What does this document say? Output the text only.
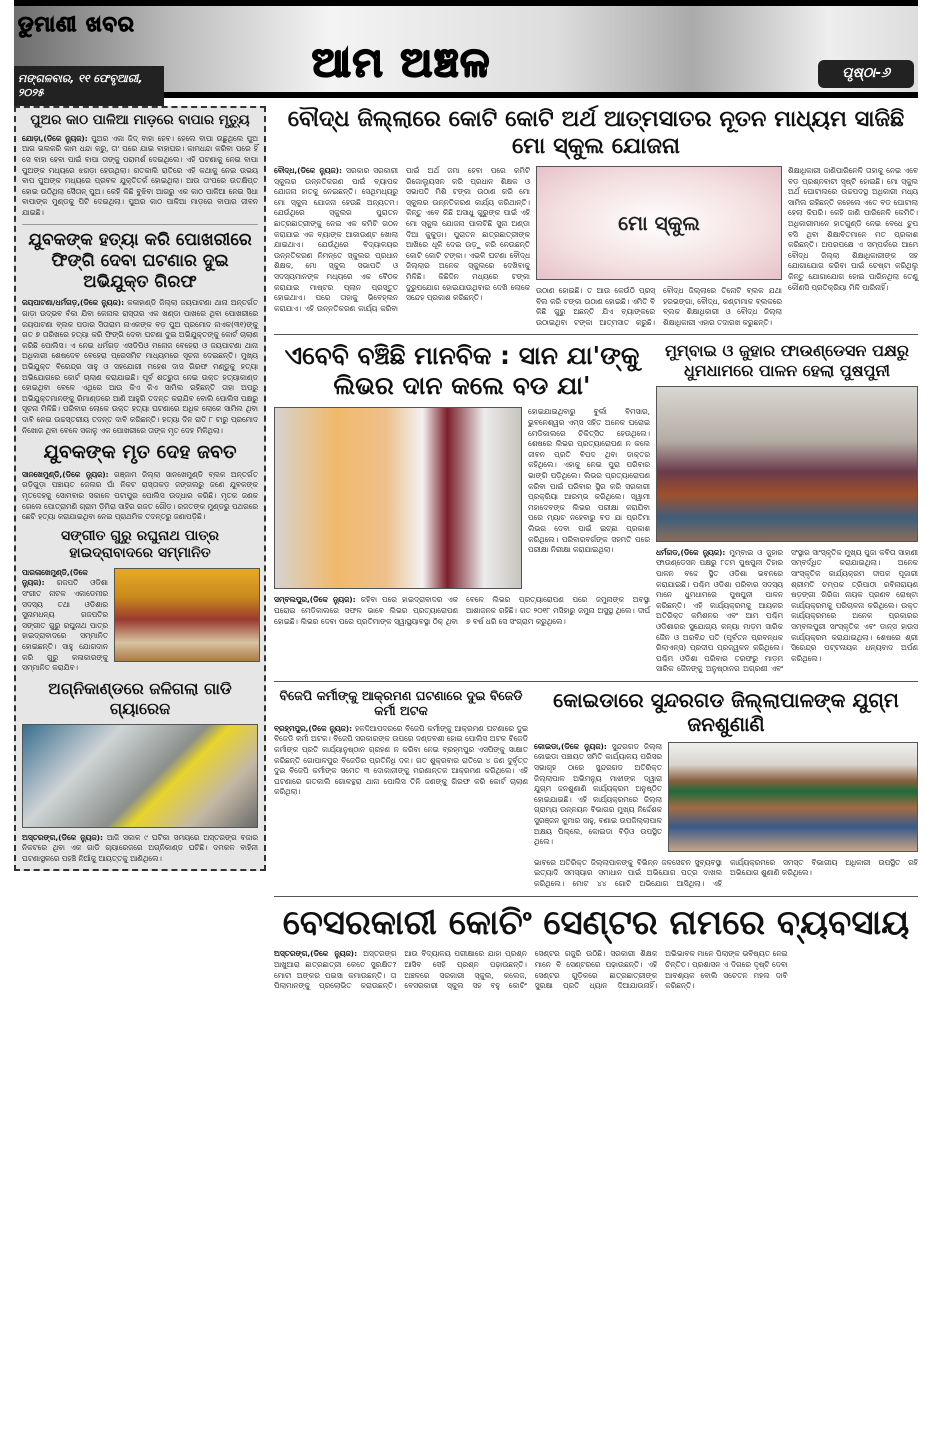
ଡୁମାଣୀ ଖବର
ମଙ୍ଗଳବାର, ୧୧ ଫେବୃଆରୀ, ୨୦୨୫
ଆମ ଅଞ୍ଚଳ	ପୃଷ୍ଠା-୬
ପୁଅର କାଠ ପାଳିଆ ମାଡ଼ରେ ବାପାର ମୃତ୍ୟୁ
ଯୋଡ଼ା,(ଡିକେ ନ୍ୟୁଜ): ପୁଅର ଏକା ଜିଦ୍ ବାହା ହେବ। ହେଲେ ବାପା ଉଛୁଥିଲେ ପୁଅ ଆଗ ଭଲକରି କାମ ଧନ୍ଦା କରୁ, ତା' ପରେ ଯାଇ ବାହାଘର। କାମଧନ୍ଦା କରିବା ପରେ ହିଁ ସେ ବାହା ହେବା ପାଇଁ ବାପା ତାଙ୍କୁ ପରାମର୍ଶ ଦେଇଥିଲେ। ଏହି ଘଟଣାକୁ ନେଇ ବାପା ପୁଅଙ୍କ ମଧ୍ୟରେ ଝଗଡ଼ା ହେଉଥିଲା। ଗତକାଲି ରାତିରେ ଏହି କଥାକୁ ନେଇ ଉଭୟ ବାପ ପୁଅଙ୍କ ମଧ୍ୟରେ ପ୍ରବଳ ଯୁକ୍ତିତର୍କ ହୋଇଥିଲା। ଆଉ ତା'ପରେ ଉତକ୍ଷିପ୍ତ ହୋଇ ଉଠିଥିଲା ସୈତାନ୍ ପୁଅ। କେହି କିଛି ବୁଝିବା ଆଗରୁ ଏକ କାଠ ପାଳିଆ ନେଇ ସିଧା ବାପାଙ୍କ ମୁଣ୍ଡକୁ ପିଟି ଦେଇଥିଲା। ପୁଅର କାଠ ପାଳିଆ ମାଡ଼ରେ ବାପାର ଜୀବନ ଯାଇଛି।
ଯୁବକଙ୍କ ହତ୍ୟା କରି ପୋଖରୀରେ ଫିଙ୍ଗି ଦେବା ଘଟଣାର ଦୁଇ ଅଭିଯୁକ୍ତ ଗିରଫ
ଜୟପାଟଣା/ଧର୍ମଗଡ଼,(ଡିକେ ନ୍ୟୁଜ): କଳାହାଣ୍ଡି ଜିଲ୍ଲା ଜୟପାଟଣା ଥାନା ଅନ୍ତର୍ଗତ ଗାଡ଼ା ଉଦ୍ଭବ ବଁକା ଯିବା କେନାଲ ରାସ୍ତାର ଏକ ଖଣ୍ଡା ପାଖରେ ଥିବା ପୋଖରୀରେ ଜୟପାଟଣା ବ୍ଲକ ପଡାର ସିତାରାମ ନାଏକଙ୍କ ବଡ଼ ପୁଅ ପ୍ରମୋଦ ନାଏକ(୩୧)ଙ୍କୁ ଗତ ୭ ତାରିଖରେ ହତ୍ୟା କରି ଫିଙ୍ଗି ଦେବା ଘଟଣା ଦୁଇ ଅଭିଯୁକ୍ତଙ୍କୁ କୋର୍ଟ ଚାଲାଣ କରିଛି ପୋଲିସ। ଏ ନେଇ ଧର୍ମଗଡ଼ ଏସଡିପିଓ ମନୋଜ ବେହେରା ଓ ଜୟପାଟଣା ଥାନା ଅଧିକାରୀ ଶେଷଦେବ ବେହେରା ପ୍ରେସମିଟ ମାଧ୍ୟମରେ ସୂଚନା ଦେଇଛନ୍ତି। ମୁଖ୍ୟ ଅଭିଯୁକ୍ତ ବିରେନ୍ଦ୍ର ସାହୁ ଓ ସହଯୋଗୀ ମହେଶ ଦାସ ଗିରଫ ମଣ୍ଡୁକୁ ହତ୍ୟା ଅଭିଯୋଗରେ କୋର୍ଟ ଚାଲାଣ କରାଯାଇଛି। ପୂର୍ବ ଶତ୍ରୁତା ନେଇ ଉକ୍ତ ହତ୍ୟାକାଣ୍ଡ ହୋଇଥିବା ବେଳେ ଏଥିରେ ଆଉ କିଏ କିଏ ସାମିଲ ରହିଛନ୍ତି ତାହା ଅପରୁ ଅଭିଯୁକ୍ତମାନଙ୍କୁ ରିମାଣ୍ଡରେ ଆଣି ଆହୁରି ତଦନ୍ତ କରାଯିବ ବୋଲି ପୋଲିସ ପକ୍ଷରୁ ସୂଚନା ମିଳିଛି। ପରିବାର ଲୋକେ ଉକ୍ତ ହତ୍ୟା ଘଟଣାରେ ଅଧିକ ଲୋକେ ସାମିଲ ଥିବା ଦାବି ନେଇ ଉଚ୍ଚସ୍ତରୀୟ ତଦନ୍ତ ଦାବି କରିଛନ୍ତି। ହତ୍ୟା ଦିନ ରାତି ୮ ଟାରୁ ପ୍ରମୋଦ ନିଖୋଜ ଥିବା ବେଳେ ସକାଳୁ ଏକ ପୋଖରୀରେ ତାଙ୍କ ମୃତ ଦେହ ମିଳିଥିଲା।
ଯୁବକଙ୍କ ମୃତ ଦେହ ଜବତ
ସାନଖେମୁଣ୍ଡି,(ଡିକେ ନ୍ୟୁଜ): ଗଞ୍ଜାମ ଜିଲ୍ଲା ସାନଖେମୁଣ୍ଡି ବ୍ଲକ ଅନ୍ତର୍ଗତ ଗଡ଼ିଗୁଡ଼ା ପଞ୍ଚାୟତ ଜେଲର ଘାଁ ନିକଟ ରାସ୍ତାକଡ଼ ଜଙ୍ଗଲରୁ ଜଣେ ଯୁବକଙ୍କ ମୃତଦେହକୁ ସୋମବାର ସକାଳେ ପଟାପୁର ପୋଲିସ ଉଦ୍ଧାର କରିଛି। ମୃତକ ଜଣକ ଗେଲେ ପୋତ୍ରାମଣି ଗ୍ରାମ ଡ଼ିମିରା ସାହିର ରଜତ ଗୌଡ଼। ରଜତଙ୍କ ମୁଣ୍ଡରୁ ପଥରରେ ଛେଚି ହତ୍ୟା କରାଯାଇଥିବା ନେଇ ପ୍ରାଥମିକ ତଦନ୍ତରୁ ଜଣାପଡ଼ିଛି।
ସଙ୍ଗୀତ ଗୁରୁ ରଘୁନାଥ ପାତ୍ର ହାଇଦ୍ରାବାଦରେ ସମ୍ମାନିତ
ପାରଳାଖେମୁଣ୍ଡି,(ଡିକେ ନ୍ୟୁଜ): ଗଜପତି ଓଡିଶା ସଂଗୀତ ନାଟକ ଏକାଡେମୀର ସଦସ୍ୟ ତଥା ଓଡିଶାର ସୁନାମଧନ୍ୟ ଗଜପତିର ସଙ୍ଗୀତ ଗୁରୁ ରଘୁନାଥ ପାତ୍ର ହାଇଦ୍ରାବାଦରେ ସମ୍ମାନିତ ହୋଇଛନ୍ତି। ସାହୁ ଯୋଗଦାନ କରି ଗୁରୁ କଳାକାରଙ୍କୁ ସମ୍ମାନିତ କରାଯିବ।
ଅଗ୍ନିକାଣ୍ଡରେ ଜଳିଗଲା ଗାଡି ଗ୍ୟାରେଜ
ଅସ୍ତରଙ୍ଗ,(ଡିକେ ନ୍ୟୁଜ): ଆଜି ସକାଳ ୯ ଘଟିକା ସମୟରେ ଅସ୍ତରଙ୍ଗ ବଜାର ନିକଟରେ ଥିବା ଏକ ଗାଡି ଗ୍ୟାରେଜରେ ଅଗ୍ନିକାଣ୍ଡ ଘଟିଛି। ଦମକଳ ବାହିନୀ ଘଟଣାସ୍ଥଳରେ ପହଞ୍ଚି ନିଆଁକୁ ଆୟତ୍ତକୁ ଆଣିଥିଲେ।
ବୌଦ୍ଧ ଜିଲ୍ଲାରେ କୋଟି କୋଟି ଅର୍ଥ ଆତ୍ମସାତର ନୂତନ ମାଧ୍ୟମ ସାଜିଛି ମୋ ସ୍କୁଲ ଯୋଜନା
ବୌଦ୍ଧ,(ଡିକେ ନ୍ୟୁଜ): ସରକାର ସରକାରୀ ସ୍କୁଲର ଉନ୍ନତିକରଣ ପାଇଁ ବ୍ୟାପକ ଯୋଜନା ହାତକୁ ନେଇଛନ୍ତି। ସେଥିମଧ୍ୟରୁ ମୋ ସ୍କୁଲ ଯୋଜନା ହେଉଛି ଅନ୍ୟତମ। ଯେଉଁଥିରେ ସ୍କୁଲର ପୁରାତନ ଛାତ୍ରଛାତ୍ରୀଙ୍କୁ ନେଇ ଏକ କମିଟି ଗଠନ କରାଯାଇ ଏକ ବ୍ୟାଙ୍କ ଆକାଉଣ୍ଟ ଖୋଲା ଯାଇଥାଏ। ଯେଉଁଥିରେ ବିଦ୍ୟାଳୟର ଉନ୍ନତିକରଣ ନିମନ୍ତେ ସ୍କୁଲର ପ୍ରଧାନ ଶିକ୍ଷକ, ମୋ ସ୍କୁଲ ସଭାପତି ଓ ସଦସ୍ୟମାନଙ୍କ ମଧ୍ୟରେ ଏକ ବୈଠକ କରାଯାଇ ମାଷ୍ଟର ପ୍ଲାନ ପ୍ରସ୍ତୁତ ହୋଇଥାଏ। ପରେ ତାହାକୁ ଭିବେହ୍ଲନ କରାଯାଏ। ଏହି ଉନ୍ନତିକରଣ କାର୍ଯ୍ୟ କରିବା ପାଇଁ ଅର୍ଥ ଜମା ହେବା ପରେ କମିଟି ରିଜୋଲ୍ୟୁସନ କରି ପ୍ରଧାନ ଶିକ୍ଷକ ଓ ସଭାପତି ମିଶି ଟଙ୍କା ଉଠାଣ କରି ମୋ ସ୍କୁଲର ଉନ୍ନତିକରଣ କାର୍ଯ୍ୟ କରିଥାନ୍ତି। କିନ୍ତୁ ଏବେ କିଛି ଅସାଧୁ ଗୁରୁଙ୍କ ପାଇଁ ଏହି ମୋ ସ୍କୁଲ ଯୋଜନା ପାଲଟିଛି ସୁନା ଅଣ୍ଡା ଦିଆ କୁକୁଡ଼ା। ପୁରାତନ ଛାତ୍ରଛାତ୍ରୀଙ୍କ ଆଖିରେ ଧୂଳି ଦେଇ ଉଡ଼ୁ କରି ନେଉଛନ୍ତି କୋଟି କୋଟି ଟଙ୍କା। ଏଭଳି ଘଟଣା ବୌଦ୍ଧ ଜିଲ୍ଲାର ଅନେକ ସ୍କୁଲରେ ଦେଖିବାକୁ ମିଳିଛି। କିଛିଦିନ ମଧ୍ୟରେ ଟଙ୍କା ଦୁରୁପଯୋଗ ହୋଇଯାଉଥିବାର ଦେଖି ଲୋକେ ସନ୍ଦେହ ପ୍ରକାଶ କରିଛନ୍ତି।
ମୋ ସ୍କୁଲ
ଉଠାଣ ହୋଇଛି। ତ ଆଉ କେଉଁଠି ପ୍ରସ୍ ବିଲ କରି ଟଙ୍କା ଉଠାଣ ହୋଇଛି। ଏମିତି ବି କିଛି ଗୁରୁ ଅଛନ୍ତି ଯିଏ ବ୍ୟାଙ୍କରେ ଉଠାଇଥିବା ଟଙ୍କା ଆତ୍ମସାତ କରୁଛି। ବୌଦ୍ଧ ଜିଲ୍ଲାରେ ତିନୋଟି ବ୍ଲକ ଯଥା ହରଭଙ୍ଗା, ବୌଦ୍ଧ, କଣ୍ଟାମାଳ ବ୍ଲକରେ ବ୍ଲକ ଶିକ୍ଷାଧିକାରୀ ଓ ବୌଦ୍ଧ ଜିଲ୍ଲା ଶିକ୍ଷାଧିକାରୀ ଏହାର ତଦାରଖ କରୁଛନ୍ତି।
ଶିକ୍ଷାଧିକାରୀ ଜାଣିପାରିନେଳି ତାହାକୁ ନେଇ ଏବେ ବଡ଼ ପ୍ରଶ୍ନବାଚୀ ସୃଷ୍ଟି ହୋଇଛି। ମୋ ସ୍କୁଲ ଅର୍ଥ ଘୋଟାଲରେ ଉଚ୍ଚପଦସ୍ଥ ଅଧିକାରୀ ମଧ୍ୟ ସାମିଲ ରହିଛନ୍ତି କହେଲେ ଏତେ ବଡ ଘୋଟାଲା ହେଲା କିପରି। କେହି ଜାଣି ପାରିନେଳି କେମିତି। ଅଧିକାରୀମାନେ ହାତଗୁଣ୍ଡି ନେଇ ବେଧେ ଚୁପ ବସି ଥିବା ଶିକ୍ଷାବିତମାନେ ମତ ପ୍ରକାଶ କରିଛନ୍ତି। ଅପରପକ୍ଷେ ଏ ସମ୍ପର୍କରେ ଆମେ ବୌଦ୍ଧ ଜିଲ୍ଲା ଶିକ୍ଷାଧିକାରୀଙ୍କ ସହ ଯୋଗାଯୋଗ କରିବା ପାଇଁ ଚେଷ୍ଟା କରିଥିଲୁ କିନ୍ତୁ ଯୋଗାଯୋଗ ହୋଇ ପାରିନଥିଲା ତେଣୁ କୌଣସି ପ୍ରତିକ୍ରିୟା ମିଳି ପାରିନାହିଁ।
ଏବେବି ବଞ୍ଚିଛି ମାନବିକ : ସାନ ଯା'ଙ୍କୁ ଲିଭର ଦାନ କଲେ ବଡ ଯା'
ହୋଇଯାଇଥିବାରୁ ବୁର୍ଲା ବିମସାର, ଭୁବନେଶ୍ୱର ଏମ୍ସ ସହିତ ଅନେକ ଘରୋଇ ମେଡିକାଲରେ ଚିକିତ୍ସିତ ହେଉଥିଲେ। ଶେଷରେ ଲିଭର ପ୍ରତ୍ୟାରୋପଣ ନ କଲେ ଜୀବନ ପ୍ରତି ବିପଦ ଥିବା ଡାକ୍ତର କହିଥିଲେ। ଏହାକୁ ନେଇ ପୁରା ପରିବାର ଭାଙ୍ଗି ପଡ଼ିଥିଲେ। ଲିଭର ପ୍ରତ୍ୟାରୋପଣ କରିବା ପାଇଁ ପରିବାର ସ୍ଥିର କରି ସରକାରୀ ପ୍ରକ୍ରିୟା ଆରମ୍ଭ କରିଥିଲେ। ସ୍ୱାମୀ ମହାଦେବଙ୍କ ଲିଭର ପରୀକ୍ଷା କରାଯିବା ପରେ ମ୍ୟାଚ ନହେବାରୁ ବଡ ଯା ପ୍ରତିମା ଲିଭର ଦେବା ପାଇଁ ଇଚ୍ଛା ପ୍ରକାଶ କରିଥିଲେ। ପରିବାରବର୍ଗଙ୍କ ସହମତି ପରେ ପରୀକ୍ଷା ନିରୀକ୍ଷା କରାଯାଇଥିଲା।
ସମ୍ବଲପୁର,(ଡିକେ ନ୍ୟୁଜ): କହିବା ପରେ ହାଇଦ୍ରାବାଦର ଏକ ଘରୋଇ ମେଡିକାଲରେ ସଫଳ ଭାବେ ଲିଭର ପ୍ରତ୍ୟାରୋପଣ ହୋଇଛି। ଲିଭର ଦେବା ପରେ ପ୍ରତିମାଙ୍କ ସ୍ୱାସ୍ଥ୍ୟାବସ୍ଥା ଠିକ୍ ଥିବା ବେଳେ ଲିଭର ପ୍ରତ୍ୟାରୋପଣ ପରେ ଜମୁନାଙ୍କ ଅବସ୍ଥା ଆଶାଜନକ ରହିଛି। ଗତ ୨୦୧୮ ମସିହାରୁ ଜମୁନା ଅସୁସ୍ଥ ଥିଲେ। ଦୀର୍ଘ ୭ ବର୍ଷ ଧରି ସେ ସଂଗ୍ରାମ କରୁଥିଲେ।
ମୁମ୍ବାଇ ଓ ଜୁହାର ଫାଉଣ୍ଡେସନ ପକ୍ଷରୁ ଧୁମଧାମରେ ପାଳନ ହେଲା ପୁଷପୁନୀ
ଧର୍ମଗଡ,(ଡିକେ ନ୍ୟୁଜ): ମୁମ୍ବାଇ ଓ ଜୁହାର ଫାଉଣ୍ଡେସନ ପକ୍ଷରୁ ୮ତମ ପୁଷପୁନୀ ତିହାର ପାଳନ ବଦ୍ଦେ ସ୍ଥିତ ଓଡିଶା ଭବନରେ କରାଯାଇଛି। ପଶ୍ଚିମ ଓଡିଶା ପରିବାର ସଦସ୍ୟ ମାନେ ଧୁମଧାମରେ ପୁଷପୁନୀ ପାଳନ କରିଛନ୍ତି। ଏହି କାର୍ଯ୍ୟକ୍ରମକୁ ଆୟକର ଅତିରିକ୍ତ କମିଶନର ଏବଂ ଆମ ପଶ୍ଚିମ ଓଡିଶାରର ସୁଯୋଗ୍ୟ କନ୍ୟା ମାଡ଼ମ ସାରିକ ଜୈନ ଓ ଅରବିନ୍ଦ ପତି (ପୂର୍ବତନ ପ୍ରବନ୍ଧକ ରିଲାଏନ୍ସ) ପ୍ରଦୀପ ପ୍ରଜ୍ୱଳନ କରିଥିଲେ। ପଶ୍ଚିମ ଓଡିଶା ପରିବାର ତରଫରୁ ମାଡ଼ମ ସାରିକ ଜୈନଙ୍କୁ ଅନୁଷ୍ଠାନର ଅଗ୍ରଣୀ ଏବଂ ସଂସ୍ଥାର ସାଂସ୍କୃତିକ ମୁଖ୍ୟ ପୁଜା କବିତା ସାହାଣୀ ସମ୍ବର୍ଦ୍ଧିତ କରାଯାଇଥିଲା। ଅନେକ ସାଂସ୍କୃତିକ କାର୍ଯ୍ୟକ୍ରମ ଦୀପକ ପୂଜାରୀ ଶ୍ରୀମତି ଚମ୍ପକ ତ୍ରିପାଠୀ ରବିନାରାୟଣ ଷଡ଼ଙ୍ଗୀ ଗିରିଜା ନାୟକ ପ୍ରଣବ ରୋଷ୍ଟା କାର୍ଯ୍ୟକ୍ରମକୁ ପରିଚାଳନା କରିଥିଲେ। ଉକ୍ତ କାର୍ଯ୍ୟକ୍ରମରେ ଅନେକ ପ୍ରକାରର ସମ୍ବଲପୁରୀ ସାଂସ୍କୃତିକ ଏବଂ ଡାନ୍ସ ହାଉସ କାର୍ଯ୍ୟକ୍ରମ କରାଯାଇଥିଲା। ଶେଷରେ ଶ୍ରୀ ସିରେନ୍ଦ୍ର ପଟ୍ଟନାୟକ ଧନ୍ୟବାଦ ଅର୍ପଣ କରିଥିଲେ।
ବିଜେପି କର୍ମୀଙ୍କୁ ଆକ୍ରମଣ ଘଟଣାରେ ଦୁଇ ବିଜେଡି କର୍ମୀ ଅଟକ
ବ୍ରହ୍ମପୁର,(ଡିକେ ନ୍ୟୁଜ): ହଳଦିଆପଦରରେ ବିଜେପି କର୍ମୀଙ୍କୁ ଆକ୍ରମଣ ଘଟଣାରେ ଦୁଇ ବିଜେଡି କର୍ମୀ ଅଟକ। ବିଜେପି ସରକାରଙ୍କ ଉପରେ ଦଣ୍ଡବଶୀ ହୋଇ ପୋଲିସ ଅଟକ ବିଜେଡି କର୍ମୀଙ୍କ ପ୍ରତି କାର୍ଯ୍ୟାନୁଷ୍ଠାନ ଗ୍ରହଣ ନ କରିବା ନେଇ ବ୍ରହ୍ମପୁର ଏସପିଙ୍କୁ ସାକ୍ଷାତ କରିଛନ୍ତି ଗୋପାଳପୁର ବିଜେଡିର ପ୍ରତିନିଧି ଦଳ। ଗତ ଶୁକ୍ରବାର ରାତିରେ ୪ ଜଣ ଦୁର୍ବୃତ୍ତ ଦୁଇ ବିଜେପି କର୍ମୀଙ୍କ ସମେତ ୩ ଦୋକାନୀଙ୍କୁ ମରଣାନ୍ତକ ଆକ୍ରମଣ କରିଥିଲେ। ଏହି ଘଟଣାରେ ଗତକାଲି ଗୋଳନ୍ଥରା ଥାନା ପୋଲିସ ତିନି ଜଣଙ୍କୁ ଗିରଫ କରି କୋର୍ଟ ଚାଲାଣ କରିଥିଲା।
କୋଇଡାରେ ସୁନ୍ଦରଗଡ ଜିଲ୍ଲାପାଳଙ୍କ ଯୁଗ୍ମ ଜନଶୁଣାଣି
କୋଇଡା,(ଡିକେ ନ୍ୟୁଜ): ସୁନ୍ଦରଗଡ ଜିଲ୍ଲା କୋଇଡା ପଞ୍ଚାୟତ ସମିତି କାର୍ଯ୍ୟାଳୟ ପରିସର ସଭାଗୃହ ଠାରେ ସୁନ୍ଦରଗଡ ଅତିରିକ୍ତ ଜିଲ୍ଲାପାଳ ଅଭିମନ୍ୟୁ ମାଝୀଙ୍କ ଦ୍ୱାରା ଯୁଗ୍ମ ଜନଶୁଣାଣି କାର୍ଯ୍ୟକ୍ରମ ଅନୁଷ୍ଠିତ ହୋଇଯାଇଛି। ଏହି କାର୍ଯ୍ୟକ୍ରମରେ ଜିଲ୍ଲା ଗ୍ରାମ୍ୟ ଉନ୍ନୟନ ବିଭାଗର ମୁଖ୍ୟ ନିର୍ଦ୍ଦେଶକ ସୁରଞ୍ଜନ କୁମାର ସାହୁ, ବଣାଇ ଉପଜିଲ୍ଲାପାଳ ଅକ୍ଷୟ ପିଲ୍ଲେ, କୋଇଡା ବିଡ଼ିଓ ଉପସ୍ଥିତ ଥିଲେ।
ଭାବରେ ଅତିରିକ୍ତ ଜିଲ୍ଲାପାଳଙ୍କୁ ବିଭିନ୍ନ ଜଳସେଚନ ସୁବ୍ୟବସ୍ଥା ଇତ୍ୟାଦି ସମସ୍ୟାର ସମାଧାନ ପାଇଁ ଅଭିଯୋଗ ପତ୍ର ଦାଖଲ କରିଥିଲେ। ମୋଟ ୪୪ ଗୋଟି ଅଭିଯୋଗ ଆସିଥିଲା। ଏହି କାର୍ଯ୍ୟକ୍ରମରେ ସମସ୍ତ ବିଭାଗୀୟ ଅଧିକାରୀ ଉପସ୍ଥିତ ରହି ଅଭିଯୋଗ ଶୁଣାଣି କରିଥିଲେ।
ବେସରକାରୀ କୋଚିଂ ସେଣ୍ଟର ନାମରେ ବ୍ୟବସାୟ
ଅସ୍ତରଙ୍ଗ,(ଡିକେ ନ୍ୟୁଜ): ଅସ୍ତରଙ୍ଗ ଆଖୁଆରା ଛାତ୍ରଛାତ୍ରୀ କେତେ ସୁରକ୍ଷିତ? ମୋଟା ଅଙ୍କର ପଇସା କମାଉଛନ୍ତି। ତା ପିଲାମାନଙ୍କୁ ପ୍ରଲୋଭିତ କରାଉଛନ୍ତି। ଆଉ ବିଦ୍ୟାଳୟ ପରୀକ୍ଷାରେ ଯାହା ପ୍ରଶ୍ନ ଆସିବ ସେହି ପ୍ରଶ୍ନ ପଢ଼ାଉଛନ୍ତି। ଅଞ୍ଚଳରେ ସରକାରୀ ସ୍କୁଲ, କଲେଜ, ବେସରକାରୀ ସ୍କୁଲ ସହ ବହୁ କୋଚିଂ ସେଣ୍ଟର ଗଜୁରି ଉଠିଛି। ସରକାରୀ ଶିକ୍ଷକ ମାନେ ବି ସେଣ୍ଟରରେ ପଢ଼ାଉଛନ୍ତି। ଏହି ସେଣ୍ଟର ଗୁଡ଼ିକରେ ଛାତ୍ରଛାତ୍ରୀଙ୍କ ସୁରକ୍ଷା ପ୍ରତି ଧ୍ୟାନ ଦିଆଯାଉନାହିଁ। ଅଭିଭାବକ ମାନେ ପିଲାଙ୍କ ଭବିଷ୍ୟତ ନେଇ ଚିନ୍ତିତ। ପ୍ରଶାସନ ଏ ଦିଗରେ ଦୃଷ୍ଟି ଦେବା ଆବଶ୍ୟକ ବୋଲି ସଚେତନ ମହଲ ଦାବି କରିଛନ୍ତି।
